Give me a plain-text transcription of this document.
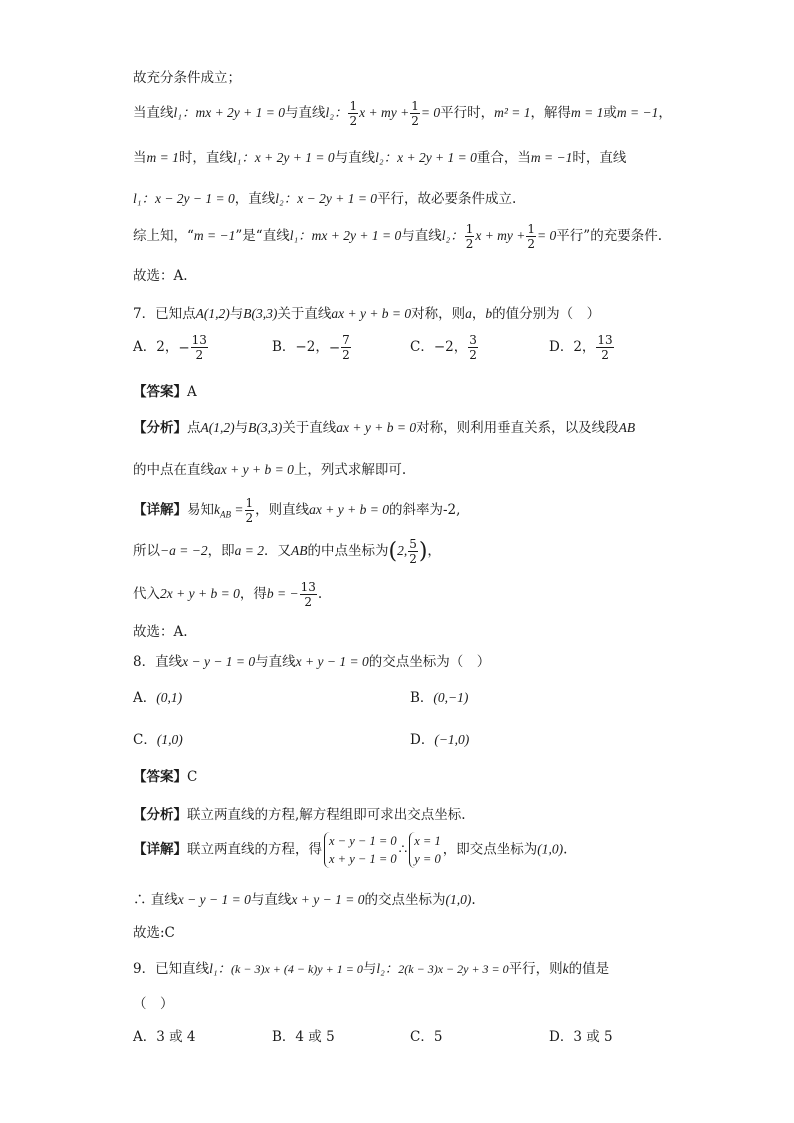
故充分条件成立；
当直线l₁：mx + 2y + 1 = 0与直线l₂： $\frac{1}{2}$ x + my + $\frac{1}{2} = 0$平行时，m² = 1，解得m = 1或m = −1，
当m = 1时，直线l₁：x + 2y + 1 = 0与直线l₂：x + 2y + 1 = 0重合，当m = −1时，直线
l₁：x − 2y − 1 = 0，直线l₂：x − 2y + 1 = 0平行，故必要条件成立.
综上知，“m = −1”是“直线l₁：mx + 2y + 1 = 0与直线l₂： $\frac{1}{2}$ x + my + $\frac{1}{2} = 0$平行”的充要条件.
故选：A.
7．已知点A(1,2)与B(3,3)关于直线ax + y + b = 0对称，则a，b的值分别为（　）
A．2，− $\frac{13}{2}$	B．−2，− $\frac{7}{2}$	C．−2， $\frac{3}{2}$	D．2， $\frac{13}{2}$
【答案】A
【分析】点A(1,2)与B(3,3)关于直线ax + y + b = 0对称，则利用垂直关系，以及线段AB
的中点在直线ax + y + b = 0上，列式求解即可.
【详解】易知$k_{AB} = \frac{1}{2}$ ，则直线ax + y + b = 0的斜率为-2,
所以−a = −2，即a = 2．又AB的中点坐标为(2, $\frac{5}{2}$ )，
代入2x + y + b = 0，得b = − $\frac{13}{2}$ .
故选：A.
8．直线x − y − 1 = 0与直线x + y − 1 = 0的交点坐标为（　）
A．(0,1)	B．(0,−1)
C．(1,0)	D．(−1,0)
【答案】C
【分析】联立两直线的方程,解方程组即可求出交点坐标.
【详解】联立两直线的方程，得
x − y − 1 = 0
x + y − 1 = 0
∴
x = 1
y = 0
，即交点坐标为(1,0).
∴ 直线x − y − 1 = 0与直线x + y − 1 = 0的交点坐标为(1,0).
故选:C
9．已知直线l₁：(k − 3)x + (4 − k)y + 1 = 0与l₂：2(k − 3)x − 2y + 3 = 0平行，则k的值是
（　）
A．3 或 4	B．4 或 5	C．5	D．3 或 5
